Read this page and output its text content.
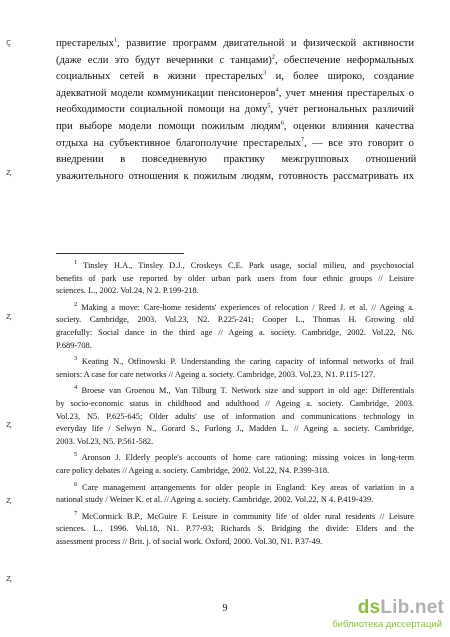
ç
ⱬ
ⱬ
ⱬ
ⱬ
ⱬ
престарелых$^1$, развитие программ двигательной и физической активности
(даже если это будут вечеринки с танцами)$^2$, обеспечение неформальных
социальных сетей в жизни престарелых$^3$ и, более широко, создание
адекватной модели коммуникации пенсионеров$^4$, учет мнения престарелых о
необходимости социальной помощи на дому$^5$, учет региональных различий
при выборе модели помощи пожилым людям$^6$, оценки влияния качества
отдыха на субъективное благополучие престарелых$^7$, — все это говорит о
внедрении в повседневную практику межгрупповых отношений
уважительного отношения к пожилым людям, готовность рассматривать их
$^1$ Tinsley H.A., Tinsley D.J., Croskeys C.E. Park usage, social milieu, and psychosocial
benefits of park use reported by older urban park users from four ethnic groups // Leisure
sciences. L., 2002. Vol.24, N 2. P.199-218.
$^2$ Making a move: Care-home residents' experiences of relocation / Reed J. et al. // Ageing a.
society. Cambridge, 2003. Vol.23, N2. P.225-241; Cooper L., Thomas H. Growing old
gracefully: Social dance in the third age // Ageing a. society. Cambridge, 2002. Vol.22, N6.
P.689-708.
$^3$ Keating N., Otfinowski P. Understanding the caring capacity of informal networks of frail
seniors: A case for care networks // Ageing a. society. Cambridge, 2003. Vol.23, N1. P.115-127.
$^4$ Broese van Groenou M., Van Tilburg T. Network size and support in old age: Differentials
by socio-economic status in childhood and adulthood // Ageing a. society. Cambridge, 2003.
Vol.23, N5. P.625-645; Older adults' use of information and communications technology in
everyday life / Selwyn N., Gorard S., Furlong J., Madden L. // Ageing a. society. Cambridge,
2003. Vol.23, N5. P.561-582.
$^5$ Aronson J. Elderly people's accounts of home care rationing: missing voices in long-term
care policy debates // Ageing a. society. Cambridge, 2002. Vol.22, N4. P.399-318.
$^6$ Care management arrangements for older people in England: Key areas of variation in a
national study / Weiner K. et al. // Ageing a. society. Cambridge, 2002. Vol.22, N 4. P.419-439.
$^7$ McCormick B.P., McGuire F. Leisure in community life of older rural residents // Leisure
sciences. L., 1996. Vol.18, N1. P.77-93; Richards S. Bridging the divide: Elders and the
assessment process // Brit. j. of social work. Oxford, 2000. Vol.30, N1. P.37-49.
9	dsLib.net
библиотека диссертаций
